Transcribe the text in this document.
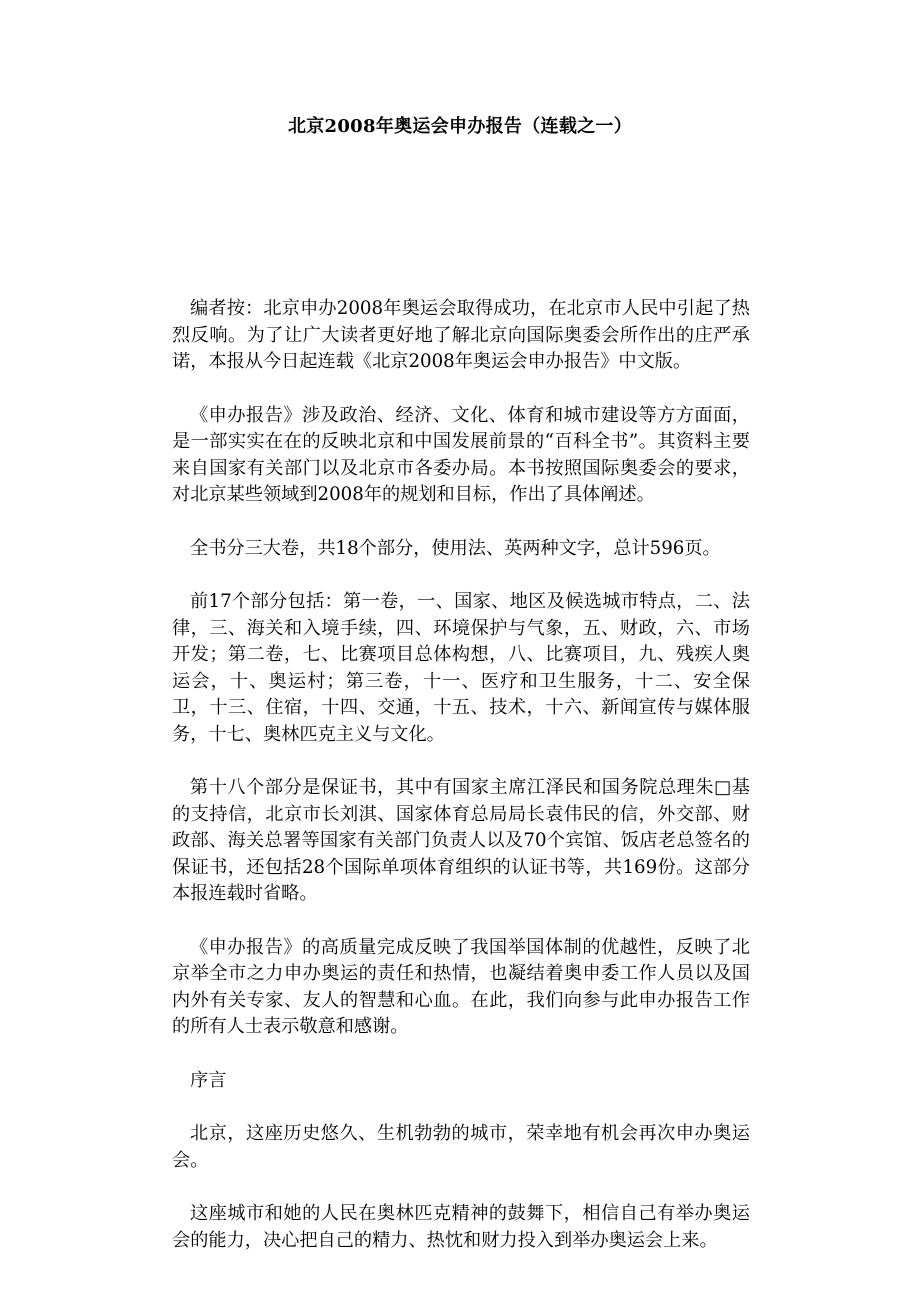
北京2008年奥运会申办报告（连载之一）

编者按：北京申办2008年奥运会取得成功，在北京市人民中引起了热烈反响。为了让广大读者更好地了解北京向国际奥委会所作出的庄严承诺，本报从今日起连载《北京2008年奥运会申办报告》中文版。

《申办报告》涉及政治、经济、文化、体育和城市建设等方方面面，是一部实实在在的反映北京和中国发展前景的“百科全书”。其资料主要来自国家有关部门以及北京市各委办局。本书按照国际奥委会的要求，对北京某些领域到2008年的规划和目标，作出了具体阐述。

全书分三大卷，共18个部分，使用法、英两种文字，总计596页。

前17个部分包括：第一卷，一、国家、地区及候选城市特点，二、法律，三、海关和入境手续，四、环境保护与气象，五、财政，六、市场开发；第二卷，七、比赛项目总体构想，八、比赛项目，九、残疾人奥运会，十、奥运村；第三卷，十一、医疗和卫生服务，十二、安全保卫，十三、住宿，十四、交通，十五、技术，十六、新闻宣传与媒体服务，十七、奥林匹克主义与文化。

第十八个部分是保证书，其中有国家主席江泽民和国务院总理朱□基的支持信，北京市长刘淇、国家体育总局局长袁伟民的信，外交部、财政部、海关总署等国家有关部门负责人以及70个宾馆、饭店老总签名的保证书，还包括28个国际单项体育组织的认证书等，共169份。这部分本报连载时省略。

《申办报告》的高质量完成反映了我国举国体制的优越性，反映了北京举全市之力申办奥运的责任和热情，也凝结着奥申委工作人员以及国内外有关专家、友人的智慧和心血。在此，我们向参与此申办报告工作的所有人士表示敬意和感谢。

序言

北京，这座历史悠久、生机勃勃的城市，荣幸地有机会再次申办奥运会。

这座城市和她的人民在奥林匹克精神的鼓舞下，相信自己有举办奥运会的能力，决心把自己的精力、热忱和财力投入到举办奥运会上来。
